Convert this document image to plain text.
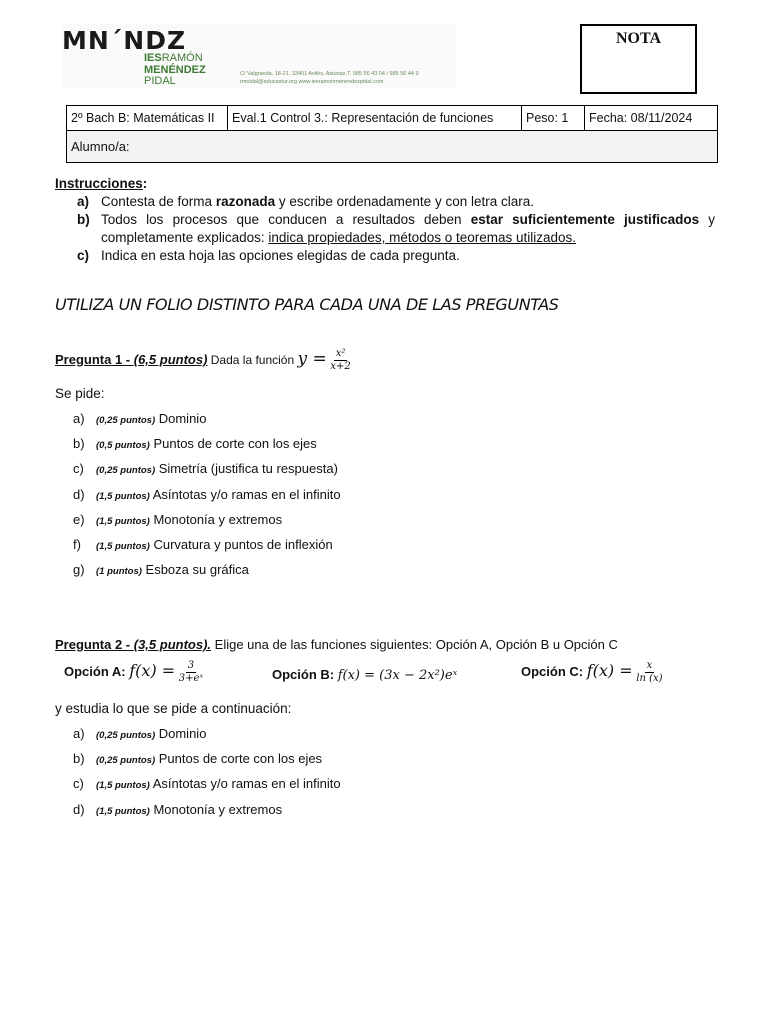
MN´NDZ
IESRAMÓN
MENÉNDEZ
PIDAL
C/ Valgranda, 18-21. 33401 Avilés, Asturias T. 985 56 43 04 / 985 56 44 9
rmoidal@educastur.org www.iesramonmenendezpidal.com
NOTA
2º Bach B: Matemáticas II	Eval.1 Control 3.: Representación de funciones	Peso: 1	Fecha: 08/11/2024
Alumno/a:
Instrucciones:
a) Contesta de forma razonada y escribe ordenadamente y con letra clara.
b) Todos los procesos que conducen a resultados deben estar suficientemente justificados y completamente explicados: indica propiedades, métodos o teoremas utilizados.
c) Indica en esta hoja las opciones elegidas de cada pregunta.
UTILIZA UN FOLIO DISTINTO PARA CADA UNA DE LAS PREGUNTAS
Pregunta 1 - (6,5 puntos) Dada la función $y = \frac{\text{x²}}{x+2}$
Se pide:
a) (0,25 puntos) Dominio
b) (0,5 puntos) Puntos de corte con los ejes
c) (0,25 puntos) Simetría (justifica tu respuesta)
d) (1,5 puntos) Asíntotas y/o ramas en el infinito
e) (1,5 puntos) Monotonía y extremos
f) (1,5 puntos) Curvatura y puntos de inflexión
g) (1 puntos) Esboza su gráfica
Pregunta 2 - (3,5 puntos). Elige una de las funciones siguientes: Opción A, Opción B u Opción C
Opción A: $f(x) = \frac{3}{\text{3+eˣ}}$	Opción B: f(x) = (3x − 2x²)eˣ	Opción C: $f(x) = \frac{x}{\ln (x)}$
y estudia lo que se pide a continuación:
a) (0,25 puntos) Dominio
b) (0,25 puntos) Puntos de corte con los ejes
c) (1,5 puntos) Asíntotas y/o ramas en el infinito
d) (1,5 puntos) Monotonía y extremos
